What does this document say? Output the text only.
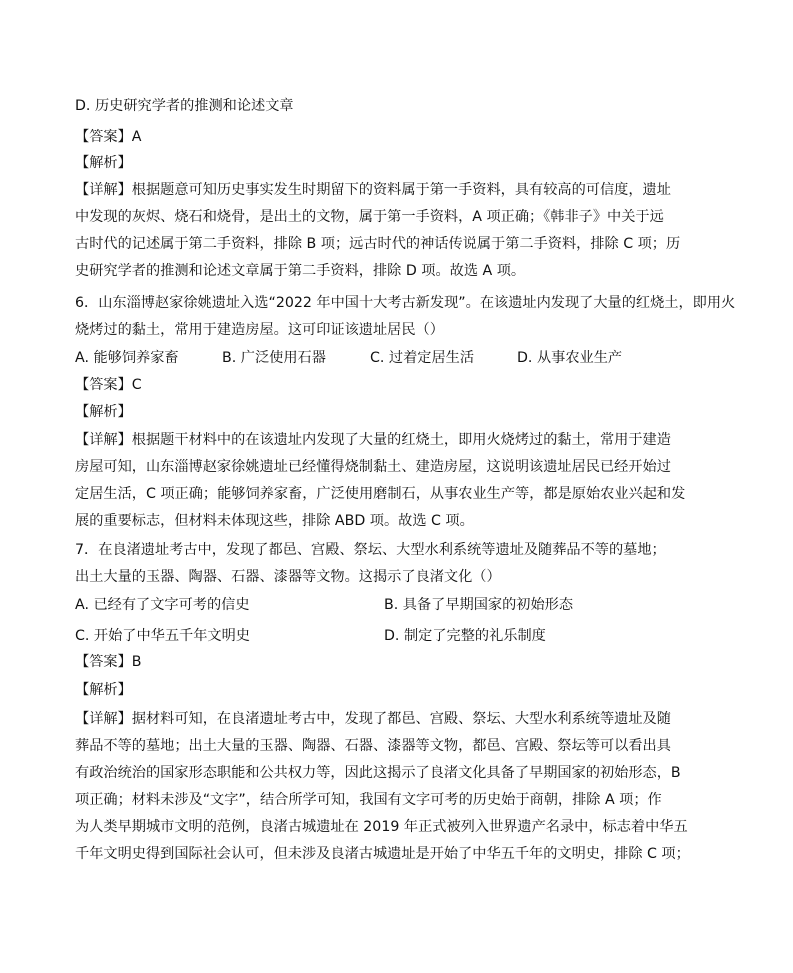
D. 历史研究学者的推测和论述文章
【答案】A
【解析】
【详解】根据题意可知历史事实发生时期留下的资料属于第一手资料，具有较高的可信度，遗址
中发现的灰烬、烧石和烧骨，是出土的文物，属于第一手资料，A 项正确；《韩非子》中关于远
古时代的记述属于第二手资料，排除 B 项；远古时代的神话传说属于第二手资料，排除 C 项；历
史研究学者的推测和论述文章属于第二手资料，排除 D 项。故选 A 项。
6．山东淄博赵家徐姚遗址入选“2022 年中国十大考古新发现”。在该遗址内发现了大量的红烧土，即用火
烧烤过的黏土，常用于建造房屋。这可印证该遗址居民（）
A. 能够饲养家畜	B. 广泛使用石器	C. 过着定居生活	D. 从事农业生产
【答案】C
【解析】
【详解】根据题干材料中的在该遗址内发现了大量的红烧土，即用火烧烤过的黏土，常用于建造
房屋可知，山东淄博赵家徐姚遗址已经懂得烧制黏土、建造房屋，这说明该遗址居民已经开始过
定居生活，C 项正确；能够饲养家畜，广泛使用磨制石，从事农业生产等，都是原始农业兴起和发
展的重要标志，但材料未体现这些，排除 ABD 项。故选 C 项。
7．在良渚遗址考古中，发现了都邑、宫殿、祭坛、大型水利系统等遗址及随葬品不等的墓地；
出土大量的玉器、陶器、石器、漆器等文物。这揭示了良渚文化（）
A. 已经有了文字可考的信史	B. 具备了早期国家的初始形态
C. 开始了中华五千年文明史	D. 制定了完整的礼乐制度
【答案】B
【解析】
【详解】据材料可知，在良渚遗址考古中，发现了都邑、宫殿、祭坛、大型水利系统等遗址及随
葬品不等的墓地；出土大量的玉器、陶器、石器、漆器等文物，都邑、宫殿、祭坛等可以看出具
有政治统治的国家形态职能和公共权力等，因此这揭示了良渚文化具备了早期国家的初始形态，B
项正确；材料未涉及“文字”，结合所学可知，我国有文字可考的历史始于商朝，排除 A 项；作
为人类早期城市文明的范例，良渚古城遗址在 2019 年正式被列入世界遗产名录中，标志着中华五
千年文明史得到国际社会认可，但未涉及良渚古城遗址是开始了中华五千年的文明史，排除 C 项；
